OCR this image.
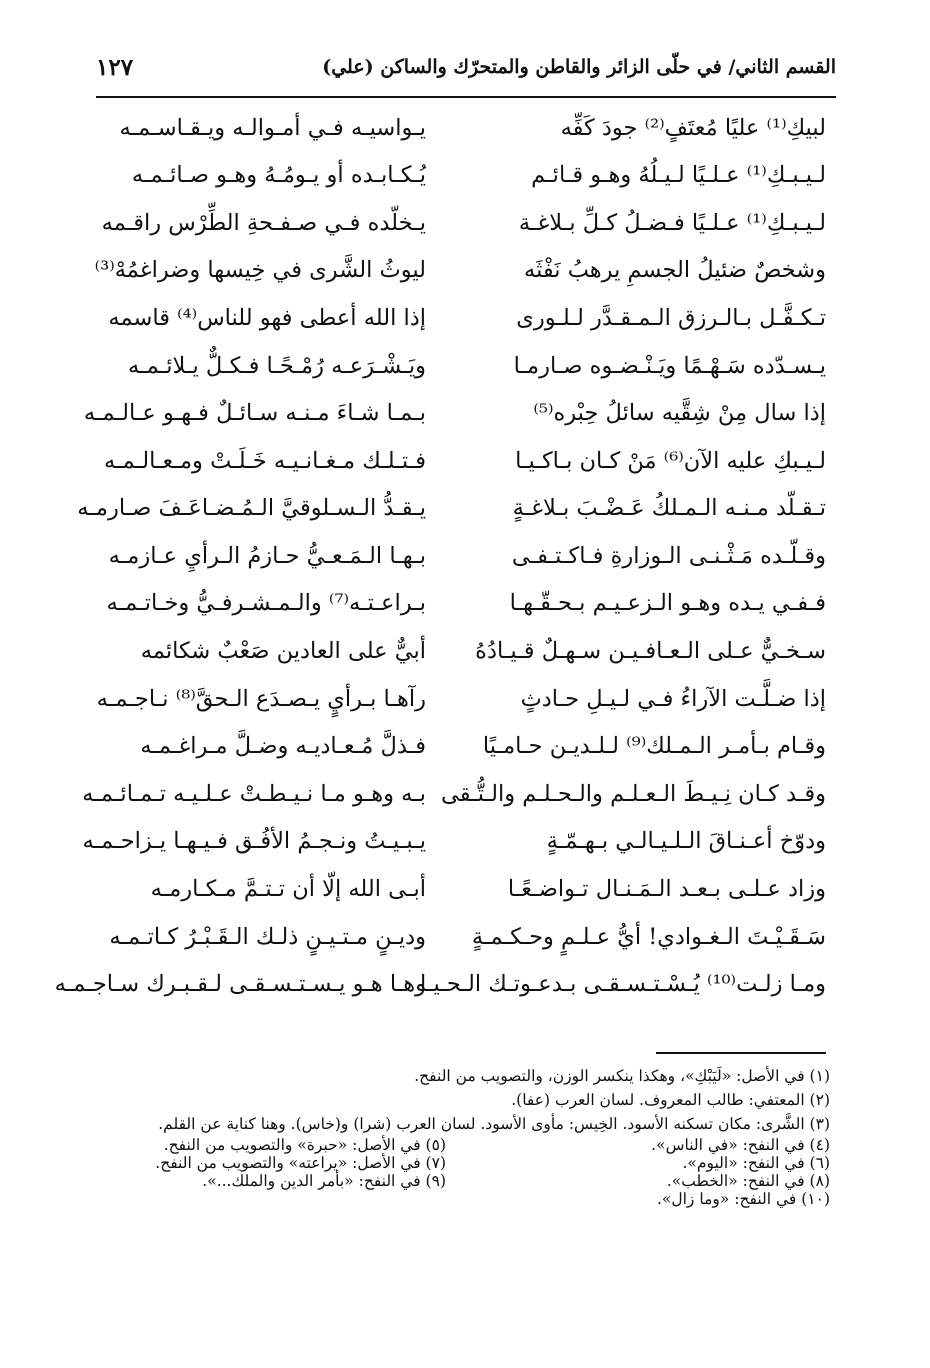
القسم الثاني/ في حلّى الزائر والقاطن والمتحرّك والساكن (علي)
١٢٧
لبيكِ⁽¹⁾ عليًا مُعتَفٍ⁽²⁾ جودَ كَفِّه
يـواسيـه فـي أمـوالـه ويـقـاسـمـه
لـيـبـكِ⁽¹⁾ عـلـيًا لـيـلُهُ وهـو قـائـم
يُـكـابـده أو يـومُـهُ وهـو صـائـمـه
لـيـبـكِ⁽¹⁾ عـلـيًا فـضـلُ كـلِّ بـلاغـة
يـخلّده فـي صـفـحةِ الطِّرْس راقـمه
وشخصٌ ضئيلُ الجسمِ يرهبُ نَفْثَه
ليوثُ الشَّرى في خِيسها وضراغمُهْ⁽³⁾
تـكـفَّـل بـالـرزق الـمـقـدَّر لـلـورى
إذا الله أعطى فهو للناس⁽⁴⁾ قاسمه
يـسـدّده سَـهْـمًا ويَـنْـضـوه صـارمـا
ويَـشْـرَعـه رُمْـحًـا فـكـلٌّ يـلائـمـه
إذا سال مِنْ شِقَّيه سائلُ حِبْره⁽⁵⁾
بـمـا شـاءَ مـنـه سـائـلٌ فـهـو عـالـمـه
لـيـبكِ عليه الآن⁽⁶⁾ مَنْ كـان بـاكـيـا
فـتـلـك مـغـانـيـه خَـلَـتْ ومـعـالـمـه
تـقـلّد مـنـه الـمـلكُ عَـضْـبَ بـلاغـةٍ
يـقـدُّ الـسـلوقيَّ الـمُـضـاعَـفَ صـارمـه
وقـلّـده مَـثْـنـى الـوزارةِ فـاكـتـفـى
بـهـا الـمَـعـيُّ حـازمُ الـرأيِ عـازمـه
فـفـي يـده وهـو الـزعـيـم بـحـقّـهـا
بـراعـتـه⁽⁷⁾ والـمـشـرفـيُّ وخـاتـمـه
سـخـيٌّ عـلى الـعـافـيـن سـهـلٌ قـيـادُهُ
أبيٌّ على العادين صَعْبٌ شكائمه
إذا ضـلَّـت الآراءُ فـي لـيـلِ حـادثٍ
رآهـا بـرأيٍ يـصـدَع الـحقَّ⁽⁸⁾ نـاجـمـه
وقـام بـأمـر الـمـلك⁽⁹⁾ لـلـديـن حـامـيًا
فـذلَّ مُـعـاديـه وضـلَّ مـراغـمـه
وقـد كـان نِـيـطَ الـعـلـم والـحـلـم والـتُّـقى
بـه وهـو مـا نـيـطـتْ عـلـيـه تـمـائـمـه
ودوّخ أعـنـاقَ الـلـيـالـي بـهـمّـةٍ
يـبـيـتُ ونـجـمُ الأفُـق فـيـهـا يـزاحـمـه
وزاد عـلـى بـعـد الـمَـنـال تـواضـعًـا
أبـى الله إلّا أن تـتـمَّ مـكـارمـه
سَـقَـيْـتَ الـغـوادي! أيُّ عـلـمٍ وحـكـمـةٍ
وديـنٍ مـتـيـنٍ ذلـك الـقَـبْـرُ كـاتـمـه
ومـا زلـت⁽¹⁰⁾ يُـسْـتـسـقـى بـدعـوتـك الـحـيـا
وهـا هـو يـسـتـسـقـى لـقـبـرك سـاجـمـه
(١) في الأصل: «لَيَبْكِ»، وهكذا ينكسر الوزن، والتصويب من النفح.
(٢) المعتفي: طالب المعروف. لسان العرب (عفا).
(٣) الشَّرى: مكان تسكنه الأسود. الخِيس: مأوى الأسود. لسان العرب (شرا) و(خاس). وهنا كناية عن القلم.
(٤) في النفح: «في الناس».
(٥) في الأصل: «حبرة» والتصويب من النفح.
(٦) في النفح: «اليوم».
(٧) في الأصل: «يراعته» والتصويب من النفح.
(٨) في النفح: «الخطب».
(٩) في النفح: «بأمر الدين والملك...».
(١٠) في النفح: «وما زال».
